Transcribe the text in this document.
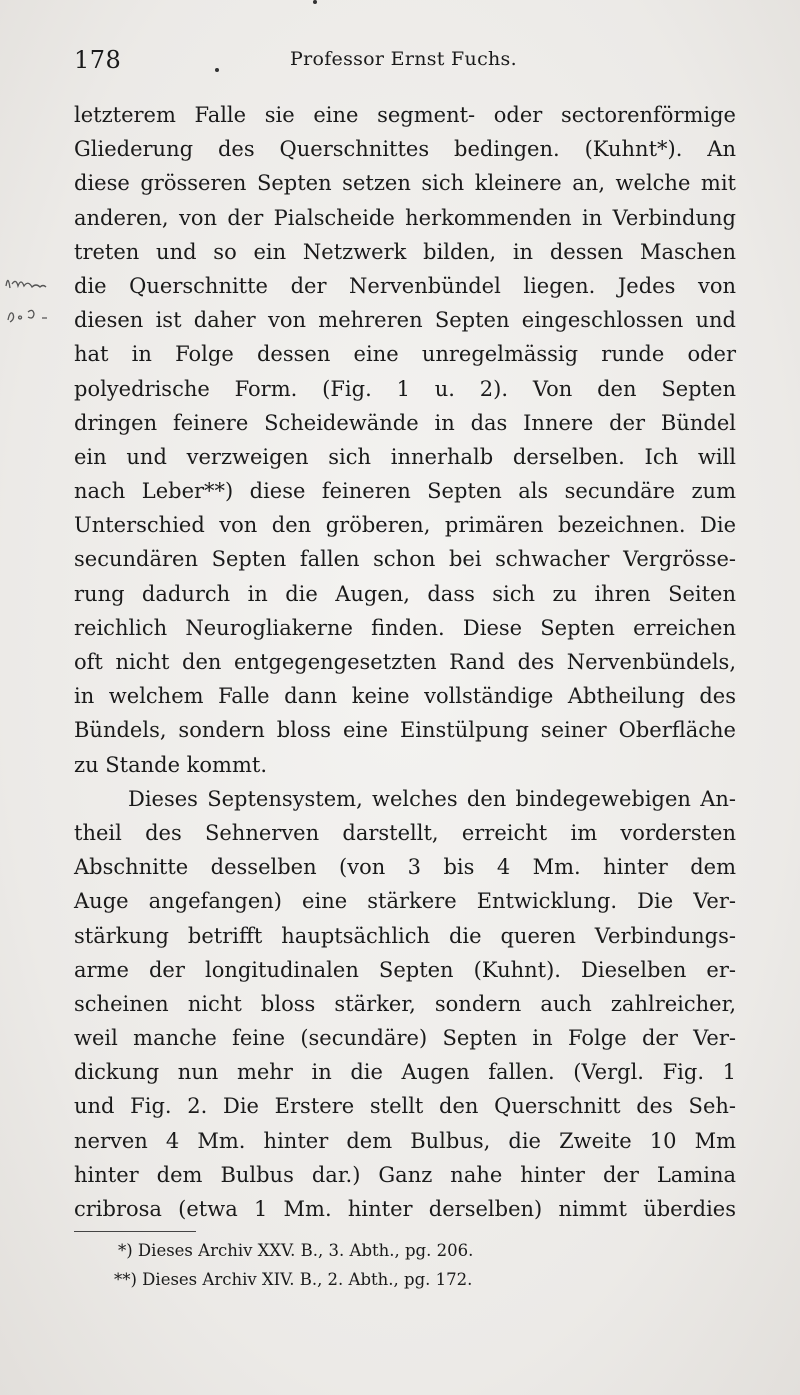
178	Professor Ernst Fuchs.
letzterem Falle sie eine segment- oder sectorenförmige
Gliederung des Querschnittes bedingen. (Kuhnt*). An
diese grösseren Septen setzen sich kleinere an, welche mit
anderen, von der Pialscheide herkommenden in Verbindung
treten und so ein Netzwerk bilden, in dessen Maschen
die Querschnitte der Nervenbündel liegen. Jedes von
diesen ist daher von mehreren Septen eingeschlossen und
hat in Folge dessen eine unregelmässig runde oder
polyedrische Form. (Fig. 1 u. 2). Von den Septen
dringen feinere Scheidewände in das Innere der Bündel
ein und verzweigen sich innerhalb derselben. Ich will
nach Leber**) diese feineren Septen als secundäre zum
Unterschied von den gröberen, primären bezeichnen. Die
secundären Septen fallen schon bei schwacher Vergrösse-
rung dadurch in die Augen, dass sich zu ihren Seiten
reichlich Neurogliakerne finden. Diese Septen erreichen
oft nicht den entgegengesetzten Rand des Nervenbündels,
in welchem Falle dann keine vollständige Abtheilung des
Bündels, sondern bloss eine Einstülpung seiner Oberfläche
zu Stande kommt.
Dieses Septensystem, welches den bindegewebigen An-
theil des Sehnerven darstellt, erreicht im vordersten
Abschnitte desselben (von 3 bis 4 Mm. hinter dem
Auge angefangen) eine stärkere Entwicklung. Die Ver-
stärkung betrifft hauptsächlich die queren Verbindungs-
arme der longitudinalen Septen (Kuhnt). Dieselben er-
scheinen nicht bloss stärker, sondern auch zahlreicher,
weil manche feine (secundäre) Septen in Folge der Ver-
dickung nun mehr in die Augen fallen. (Vergl. Fig. 1
und Fig. 2. Die Erstere stellt den Querschnitt des Seh-
nerven 4 Mm. hinter dem Bulbus, die Zweite 10 Mm
hinter dem Bulbus dar.) Ganz nahe hinter der Lamina
cribrosa (etwa 1 Mm. hinter derselben) nimmt überdies
*) Dieses Archiv XXV. B., 3. Abth., pg. 206.
**) Dieses Archiv XIV. B., 2. Abth., pg. 172.
